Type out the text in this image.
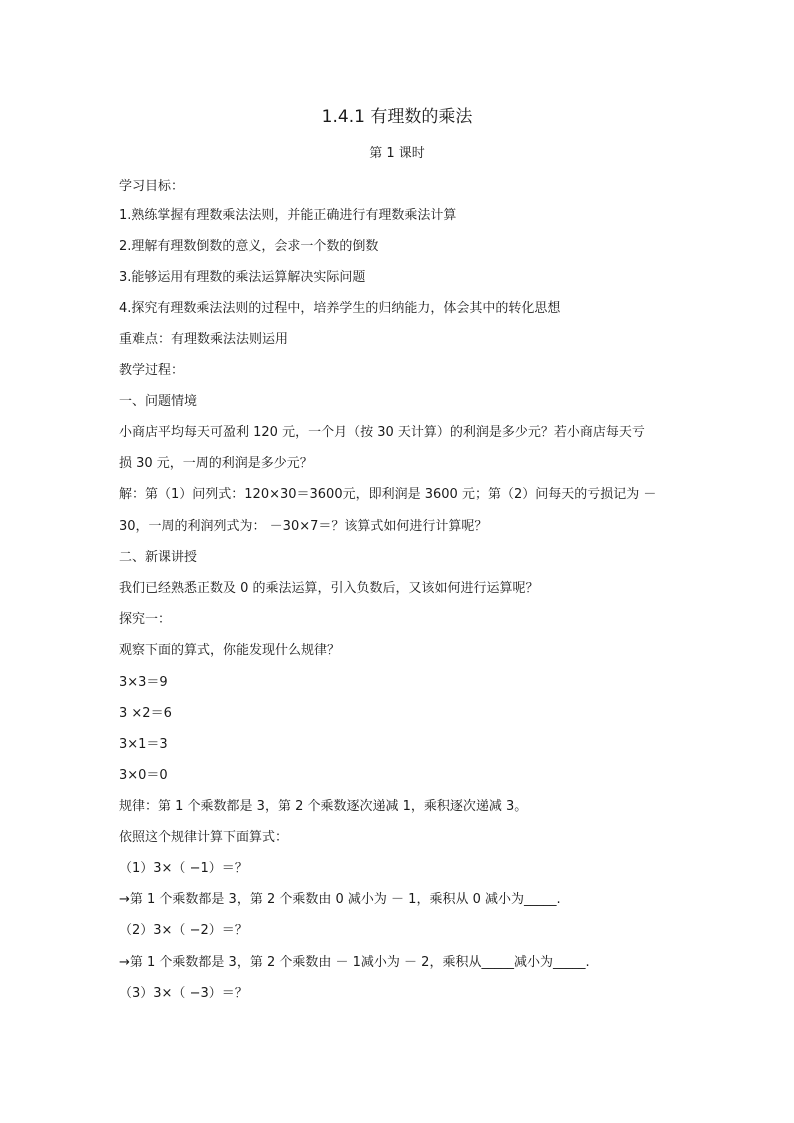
1.4.1 有理数的乘法
第 1 课时
学习目标：
1.熟练掌握有理数乘法法则，并能正确进行有理数乘法计算
2.理解有理数倒数的意义，会求一个数的倒数
3.能够运用有理数的乘法运算解决实际问题
4.探究有理数乘法法则的过程中，培养学生的归纳能力，体会其中的转化思想
重难点：有理数乘法法则运用
教学过程：
一、问题情境
小商店平均每天可盈利 120 元，一个月（按 30 天计算）的利润是多少元？若小商店每天亏
损 30 元，一周的利润是多少元？
解：第（1）问列式：120×30＝3600元，即利润是 3600 元；第（2）问每天的亏损记为 －
30，一周的利润列式为： －30×7＝？该算式如何进行计算呢？
二、新课讲授
我们已经熟悉正数及 0 的乘法运算，引入负数后，又该如何进行运算呢？
探究一：
观察下面的算式，你能发现什么规律？
3×3＝9
3 ×2＝6
3×1＝3
3×0＝0
规律：第 1 个乘数都是 3，第 2 个乘数逐次递减 1，乘积逐次递减 3。
依照这个规律计算下面算式：
（1）3×（ −1）＝？
→第 1 个乘数都是 3，第 2 个乘数由 0 减小为 － 1，乘积从 0 减小为_____.
（2）3×（ −2）＝？
→第 1 个乘数都是 3，第 2 个乘数由 － 1减小为 － 2，乘积从_____减小为_____.
（3）3×（ −3）＝？
